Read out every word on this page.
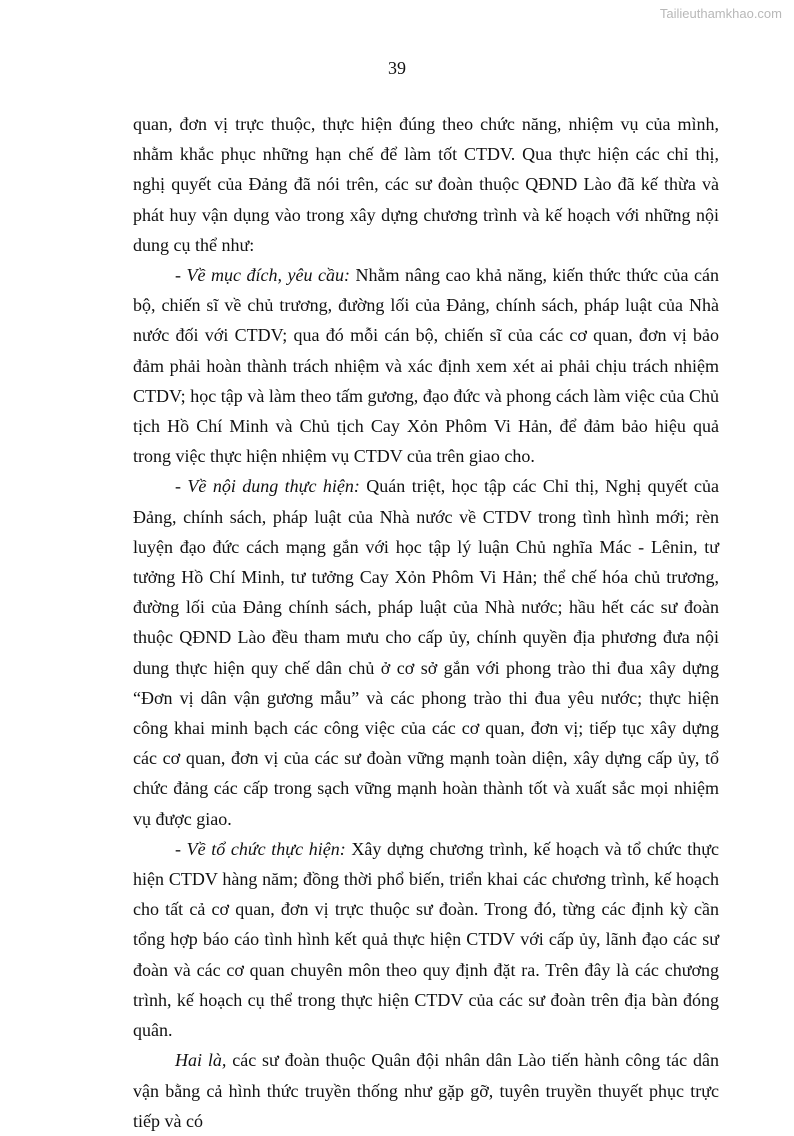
Tailieuthamkhao.com
39

quan, đơn vị trực thuộc, thực hiện đúng theo chức năng, nhiệm vụ của mình, nhằm khắc phục những hạn chế để làm tốt CTDV. Qua thực hiện các chỉ thị, nghị quyết của Đảng đã nói trên, các sư đoàn thuộc QĐND Lào đã kế thừa và phát huy vận dụng vào trong xây dựng chương trình và kế hoạch với những nội dung cụ thể như:

- Về mục đích, yêu cầu: Nhằm nâng cao khả năng, kiến thức thức của cán bộ, chiến sĩ về chủ trương, đường lối của Đảng, chính sách, pháp luật của Nhà nước đối với CTDV; qua đó mỗi cán bộ, chiến sĩ của các cơ quan, đơn vị bảo đảm phải hoàn thành trách nhiệm và xác định xem xét ai phải chịu trách nhiệm CTDV; học tập và làm theo tấm gương, đạo đức và phong cách làm việc của Chủ tịch Hồ Chí Minh và Chủ tịch Cay Xỏn Phôm Vi Hản, để đảm bảo hiệu quả trong việc thực hiện nhiệm vụ CTDV của trên giao cho.

- Về nội dung thực hiện: Quán triệt, học tập các Chỉ thị, Nghị quyết của Đảng, chính sách, pháp luật của Nhà nước về CTDV trong tình hình mới; rèn luyện đạo đức cách mạng gắn với học tập lý luận Chủ nghĩa Mác - Lênin, tư tưởng Hồ Chí Minh, tư tưởng Cay Xỏn Phôm Vi Hản; thể chế hóa chủ trương, đường lối của Đảng chính sách, pháp luật của Nhà nước; hầu hết các sư đoàn thuộc QĐND Lào đều tham mưu cho cấp ủy, chính quyền địa phương đưa nội dung thực hiện quy chế dân chủ ở cơ sở gắn với phong trào thi đua xây dựng “Đơn vị dân vận gương mẫu” và các phong trào thi đua yêu nước; thực hiện công khai minh bạch các công việc của các cơ quan, đơn vị; tiếp tục xây dựng các cơ quan, đơn vị của các sư đoàn vững mạnh toàn diện, xây dựng cấp ủy, tổ chức đảng các cấp trong sạch vững mạnh hoàn thành tốt và xuất sắc mọi nhiệm vụ được giao.

- Về tổ chức thực hiện: Xây dựng chương trình, kế hoạch và tổ chức thực hiện CTDV hàng năm; đồng thời phổ biến, triển khai các chương trình, kế hoạch cho tất cả cơ quan, đơn vị trực thuộc sư đoàn. Trong đó, từng các định kỳ cần tổng hợp báo cáo tình hình kết quả thực hiện CTDV với cấp ủy, lãnh đạo các sư đoàn và các cơ quan chuyên môn theo quy định đặt ra. Trên đây là các chương trình, kế hoạch cụ thể trong thực hiện CTDV của các sư đoàn trên địa bàn đóng quân.

Hai là, các sư đoàn thuộc Quân đội nhân dân Lào tiến hành công tác dân vận bằng cả hình thức truyền thống như gặp gỡ, tuyên truyền thuyết phục trực tiếp và có
